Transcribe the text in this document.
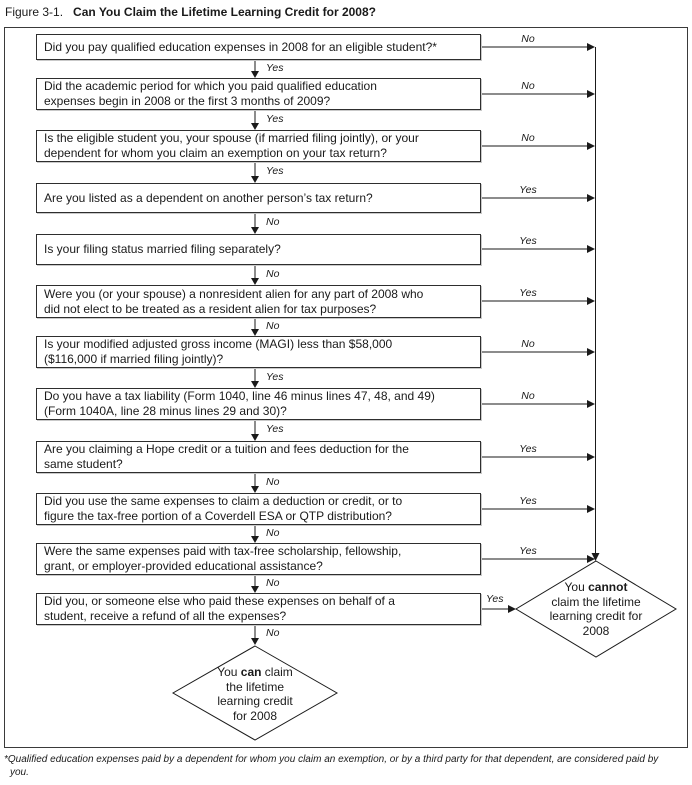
Figure 3-1. Can You Claim the Lifetime Learning Credit for 2008?
Did you pay qualified education expenses in 2008 for an eligible student?*
Did the academic period for which you paid qualified education
expenses begin in 2008 or the first 3 months of 2009?
Is the eligible student you, your spouse (if married filing jointly), or your
dependent for whom you claim an exemption on your tax return?
Are you listed as a dependent on another person’s tax return?
Is your filing status married filing separately?
Were you (or your spouse) a nonresident alien for any part of 2008 who
did not elect to be treated as a resident alien for tax purposes?
Is your modified adjusted gross income (MAGI) less than $58,000
($116,000 if married filing jointly)?
Do you have a tax liability (Form 1040, line 46 minus lines 47, 48, and 49)
(Form 1040A, line 28 minus lines 29 and 30)?
Are you claiming a Hope credit or a tuition and fees deduction for the
same student?
Did you use the same expenses to claim a deduction or credit, or to
figure the tax-free portion of a Coverdell ESA or QTP distribution?
Were the same expenses paid with tax-free scholarship, fellowship,
grant, or employer-provided educational assistance?
Did you, or someone else who paid these expenses on behalf of a
student, receive a refund of all the expenses?
No
No
No
Yes
Yes
Yes
No
No
Yes
Yes
Yes
Yes
Yes
Yes
Yes
No
No
No
Yes
Yes
No
No
No
No
You cannot
claim the lifetime
learning credit for
2008
You can claim
the lifetime
learning credit
for 2008
*Qualified education expenses paid by a dependent for whom you claim an exemption, or by a third party for that dependent, are considered paid by you.
